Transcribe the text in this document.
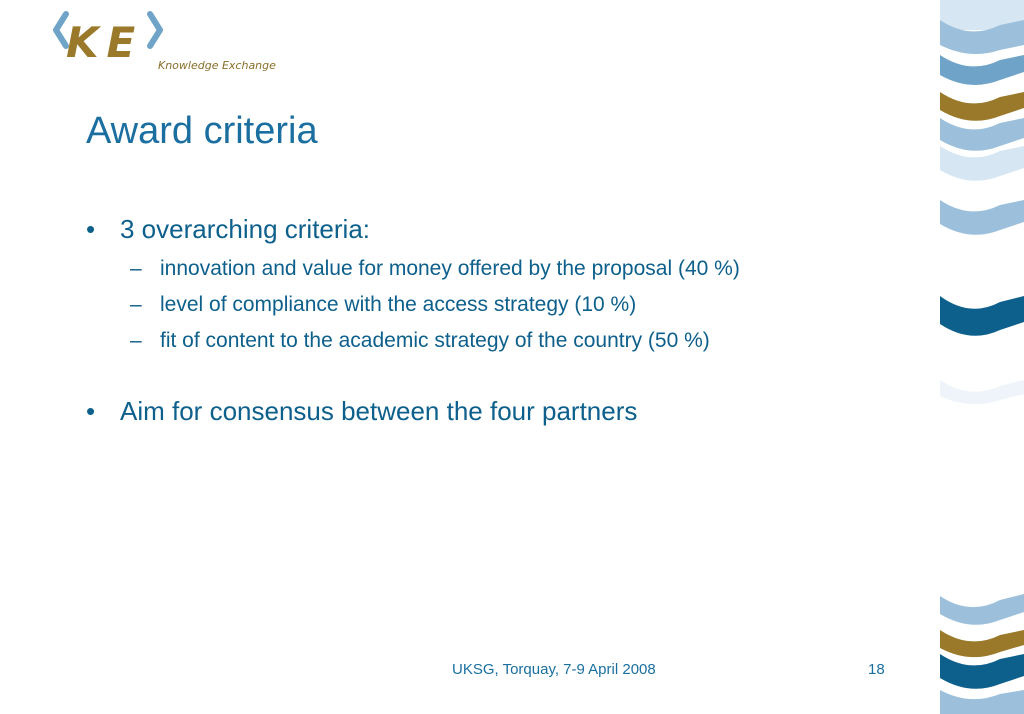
KE Knowledge Exchange
Award criteria
• 3 overarching criteria:
– innovation and value for money offered by the proposal (40 %)
– level of compliance with the access strategy (10 %)
– fit of content to the academic strategy of the country (50 %)
• Aim for consensus between the four partners
UKSG, Torquay, 7-9 April 2008	18
